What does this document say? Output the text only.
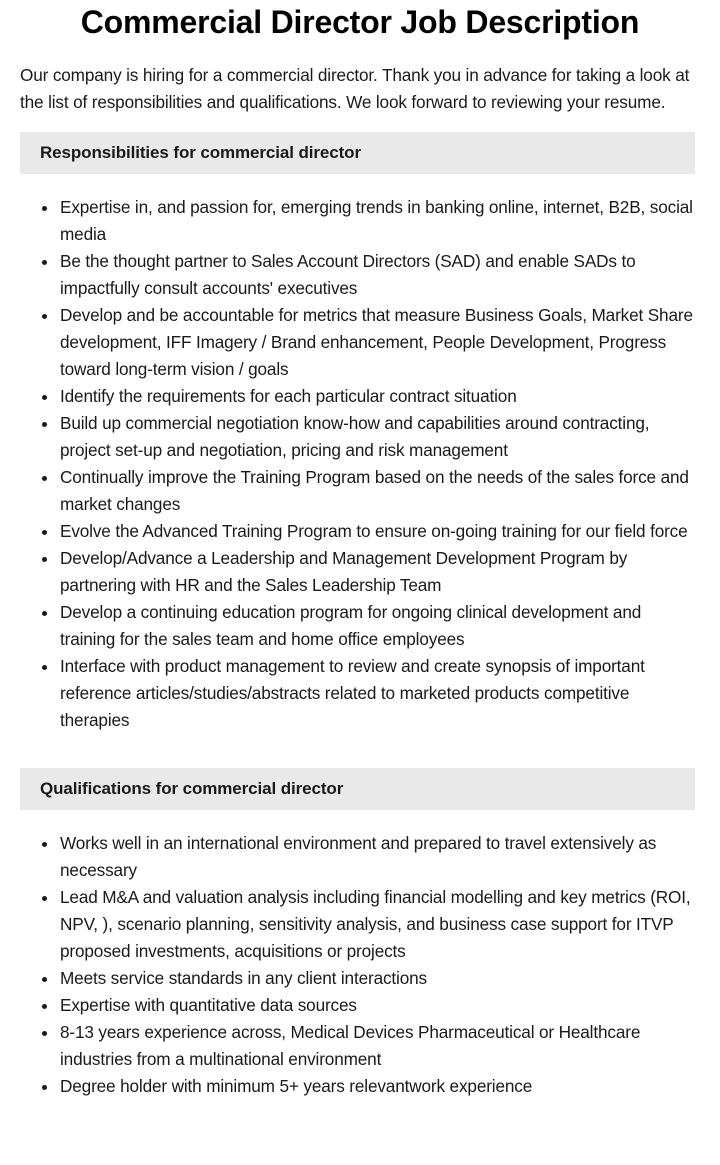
Commercial Director Job Description

Our company is hiring for a commercial director. Thank you in advance for taking a look at the list of responsibilities and qualifications. We look forward to reviewing your resume.

Responsibilities for commercial director
Expertise in, and passion for, emerging trends in banking online, internet, B2B, social media
Be the thought partner to Sales Account Directors (SAD) and enable SADs to impactfully consult accounts' executives
Develop and be accountable for metrics that measure Business Goals, Market Share development, IFF Imagery / Brand enhancement, People Development, Progress toward long-term vision / goals
Identify the requirements for each particular contract situation
Build up commercial negotiation know-how and capabilities around contracting, project set-up and negotiation, pricing and risk management
Continually improve the Training Program based on the needs of the sales force and market changes
Evolve the Advanced Training Program to ensure on-going training for our field force
Develop/Advance a Leadership and Management Development Program by partnering with HR and the Sales Leadership Team
Develop a continuing education program for ongoing clinical development and training for the sales team and home office employees
Interface with product management to review and create synopsis of important reference articles/studies/abstracts related to marketed products competitive therapies
Qualifications for commercial director
Works well in an international environment and prepared to travel extensively as necessary
Lead M&A and valuation analysis including financial modelling and key metrics (ROI, NPV, ), scenario planning, sensitivity analysis, and business case support for ITVP proposed investments, acquisitions or projects
Meets service standards in any client interactions
Expertise with quantitative data sources
8-13 years experience across, Medical Devices Pharmaceutical or Healthcare industries from a multinational environment
Degree holder with minimum 5+ years relevantwork experience
